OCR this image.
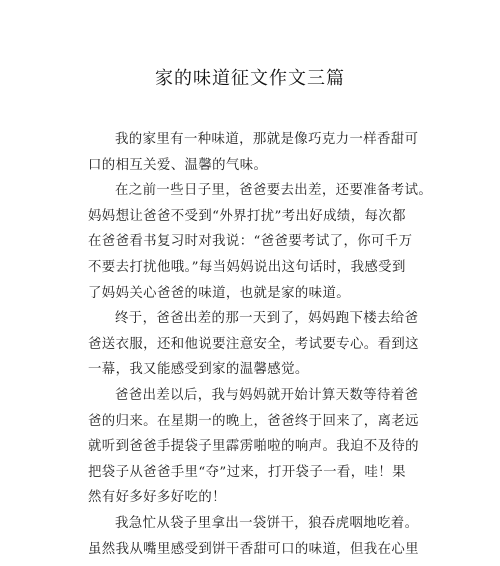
家的味道征文作文三篇

我的家里有一种味道，那就是像巧克力一样香甜可
口的相互关爱、温馨的气味。

在之前一些日子里，爸爸要去出差，还要准备考试。
妈妈想让爸爸不受到“外界打扰”考出好成绩，每次都
在爸爸看书复习时对我说：“爸爸要考试了，你可千万
不要去打扰他哦。”每当妈妈说出这句话时，我感受到
了妈妈关心爸爸的味道，也就是家的味道。

终于，爸爸出差的那一天到了，妈妈跑下楼去给爸
爸送衣服，还和他说要注意安全，考试要专心。看到这
一幕，我又能感受到家的温馨感觉。

爸爸出差以后，我与妈妈就开始计算天数等待着爸
爸的归来。在星期一的晚上，爸爸终于回来了，离老远
就听到爸爸手提袋子里霹雳啪啦的响声。我迫不及待的
把袋子从爸爸手里“夺”过来，打开袋子一看，哇！果
然有好多好多好吃的！

我急忙从袋子里拿出一袋饼干，狼吞虎咽地吃着。
虽然我从嘴里感受到饼干香甜可口的味道，但我在心里
